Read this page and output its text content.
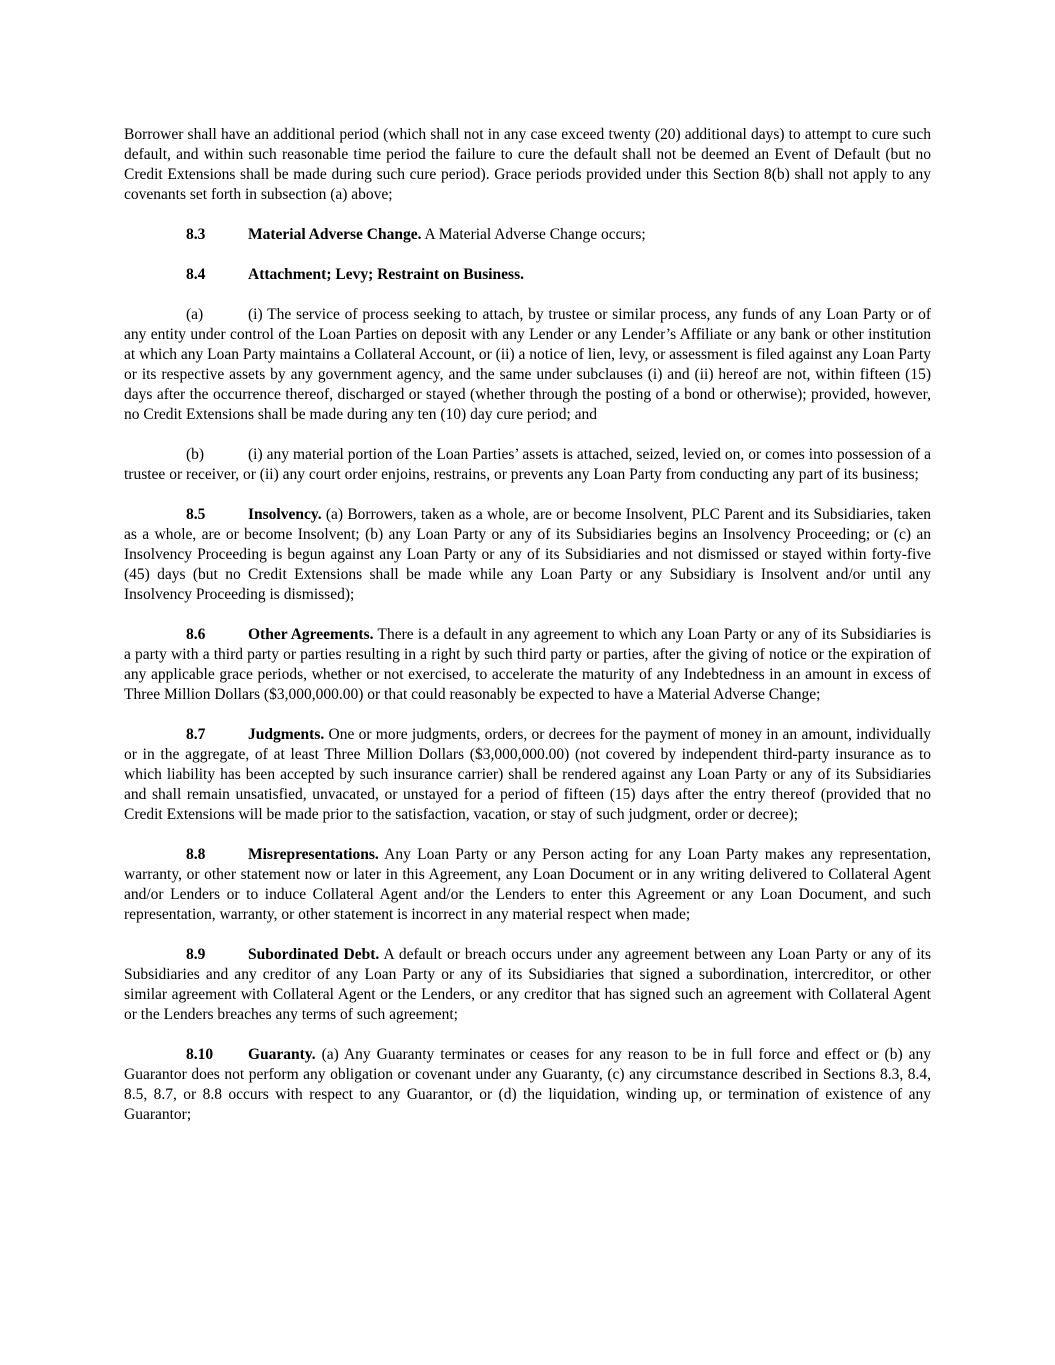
Borrower shall have an additional period (which shall not in any case exceed twenty (20) additional days) to attempt to cure such default, and within such reasonable time period the failure to cure the default shall not be deemed an Event of Default (but no Credit Extensions shall be made during such cure period). Grace periods provided under this Section 8(b) shall not apply to any covenants set forth in subsection (a) above;

8.3	Material Adverse Change. A Material Adverse Change occurs;

8.4	Attachment; Levy; Restraint on Business.

(a)	(i) The service of process seeking to attach, by trustee or similar process, any funds of any Loan Party or of any entity under control of the Loan Parties on deposit with any Lender or any Lender’s Affiliate or any bank or other institution at which any Loan Party maintains a Collateral Account, or (ii) a notice of lien, levy, or assessment is filed against any Loan Party or its respective assets by any government agency, and the same under subclauses (i) and (ii) hereof are not, within fifteen (15) days after the occurrence thereof, discharged or stayed (whether through the posting of a bond or otherwise); provided, however, no Credit Extensions shall be made during any ten (10) day cure period; and

(b)	(i) any material portion of the Loan Parties’ assets is attached, seized, levied on, or comes into possession of a trustee or receiver, or (ii) any court order enjoins, restrains, or prevents any Loan Party from conducting any part of its business;

8.5	Insolvency. (a) Borrowers, taken as a whole, are or become Insolvent, PLC Parent and its Subsidiaries, taken as a whole, are or become Insolvent; (b) any Loan Party or any of its Subsidiaries begins an Insolvency Proceeding; or (c) an Insolvency Proceeding is begun against any Loan Party or any of its Subsidiaries and not dismissed or stayed within forty-five (45) days (but no Credit Extensions shall be made while any Loan Party or any Subsidiary is Insolvent and/or until any Insolvency Proceeding is dismissed);

8.6	Other Agreements. There is a default in any agreement to which any Loan Party or any of its Subsidiaries is a party with a third party or parties resulting in a right by such third party or parties, after the giving of notice or the expiration of any applicable grace periods, whether or not exercised, to accelerate the maturity of any Indebtedness in an amount in excess of Three Million Dollars ($3,000,000.00) or that could reasonably be expected to have a Material Adverse Change;

8.7	Judgments. One or more judgments, orders, or decrees for the payment of money in an amount, individually or in the aggregate, of at least Three Million Dollars ($3,000,000.00) (not covered by independent third-party insurance as to which liability has been accepted by such insurance carrier) shall be rendered against any Loan Party or any of its Subsidiaries and shall remain unsatisfied, unvacated, or unstayed for a period of fifteen (15) days after the entry thereof (provided that no Credit Extensions will be made prior to the satisfaction, vacation, or stay of such judgment, order or decree);

8.8	Misrepresentations. Any Loan Party or any Person acting for any Loan Party makes any representation, warranty, or other statement now or later in this Agreement, any Loan Document or in any writing delivered to Collateral Agent and/or Lenders or to induce Collateral Agent and/or the Lenders to enter this Agreement or any Loan Document, and such representation, warranty, or other statement is incorrect in any material respect when made;

8.9	Subordinated Debt. A default or breach occurs under any agreement between any Loan Party or any of its Subsidiaries and any creditor of any Loan Party or any of its Subsidiaries that signed a subordination, intercreditor, or other similar agreement with Collateral Agent or the Lenders, or any creditor that has signed such an agreement with Collateral Agent or the Lenders breaches any terms of such agreement;

8.10 Guaranty. (a) Any Guaranty terminates or ceases for any reason to be in full force and effect or (b) any Guarantor does not perform any obligation or covenant under any Guaranty, (c) any circumstance described in Sections 8.3, 8.4, 8.5, 8.7, or 8.8 occurs with respect to any Guarantor, or (d) the liquidation, winding up, or termination of existence of any Guarantor;
